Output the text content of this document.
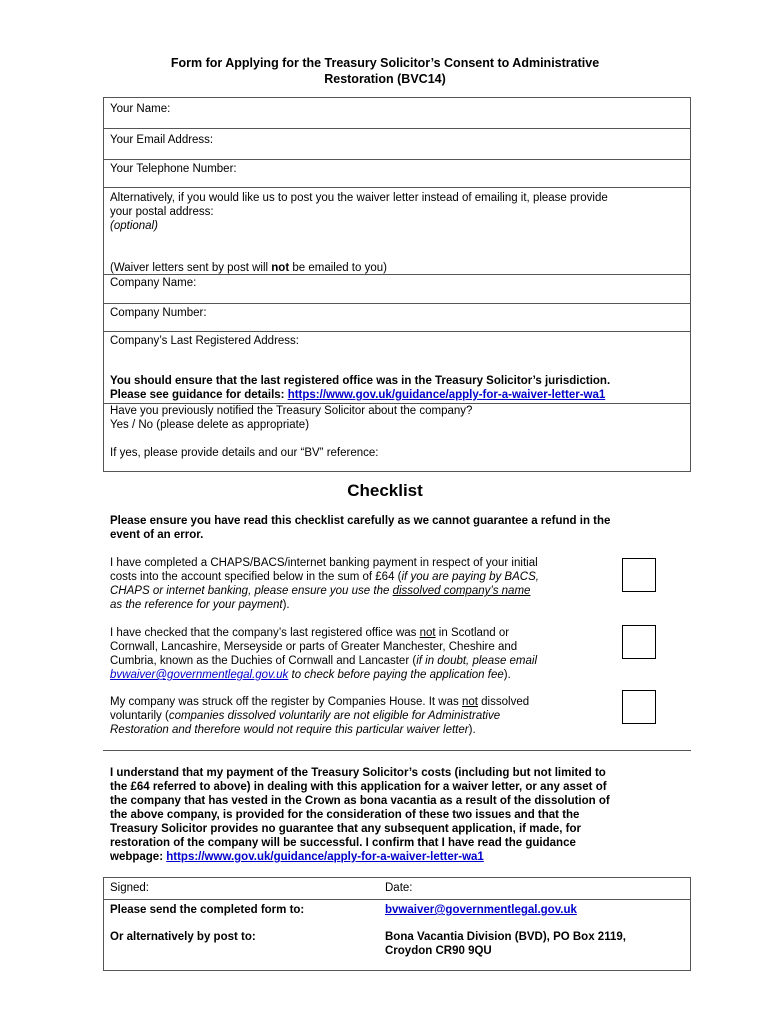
Form for Applying for the Treasury Solicitor’s Consent to Administrative
Restoration (BVC14)
Your Name:
Your Email Address:
Your Telephone Number:
Alternatively, if you would like us to post you the waiver letter instead of emailing it, please provide
your postal address:
(optional)
(Waiver letters sent by post will not be emailed to you)
Company Name:
Company Number:
Company’s Last Registered Address:
You should ensure that the last registered office was in the Treasury Solicitor’s jurisdiction.
Please see guidance for details: https://www.gov.uk/guidance/apply-for-a-waiver-letter-wa1
Have you previously notified the Treasury Solicitor about the company?
Yes / No (please delete as appropriate)
If yes, please provide details and our “BV” reference:
Checklist
Please ensure you have read this checklist carefully as we cannot guarantee a refund in the
event of an error.
I have completed a CHAPS/BACS/internet banking payment in respect of your initial
costs into the account specified below in the sum of £64 (if you are paying by BACS,
CHAPS or internet banking, please ensure you use the dissolved company’s name
as the reference for your payment).
I have checked that the company’s last registered office was not in Scotland or
Cornwall, Lancashire, Merseyside or parts of Greater Manchester, Cheshire and
Cumbria, known as the Duchies of Cornwall and Lancaster (if in doubt, please email
bvwaiver@governmentlegal.gov.uk to check before paying the application fee).
My company was struck off the register by Companies House. It was not dissolved
voluntarily (companies dissolved voluntarily are not eligible for Administrative
Restoration and therefore would not require this particular waiver letter).
I understand that my payment of the Treasury Solicitor’s costs (including but not limited to
the £64 referred to above) in dealing with this application for a waiver letter, or any asset of
the company that has vested in the Crown as bona vacantia as a result of the dissolution of
the above company, is provided for the consideration of these two issues and that the
Treasury Solicitor provides no guarantee that any subsequent application, if made, for
restoration of the company will be successful. I confirm that I have read the guidance
webpage: https://www.gov.uk/guidance/apply-for-a-waiver-letter-wa1
Signed:	Date:
Please send the completed form to:	bvwaiver@governmentlegal.gov.uk
Or alternatively by post to:	Bona Vacantia Division (BVD), PO Box 2119,
Croydon CR90 9QU
